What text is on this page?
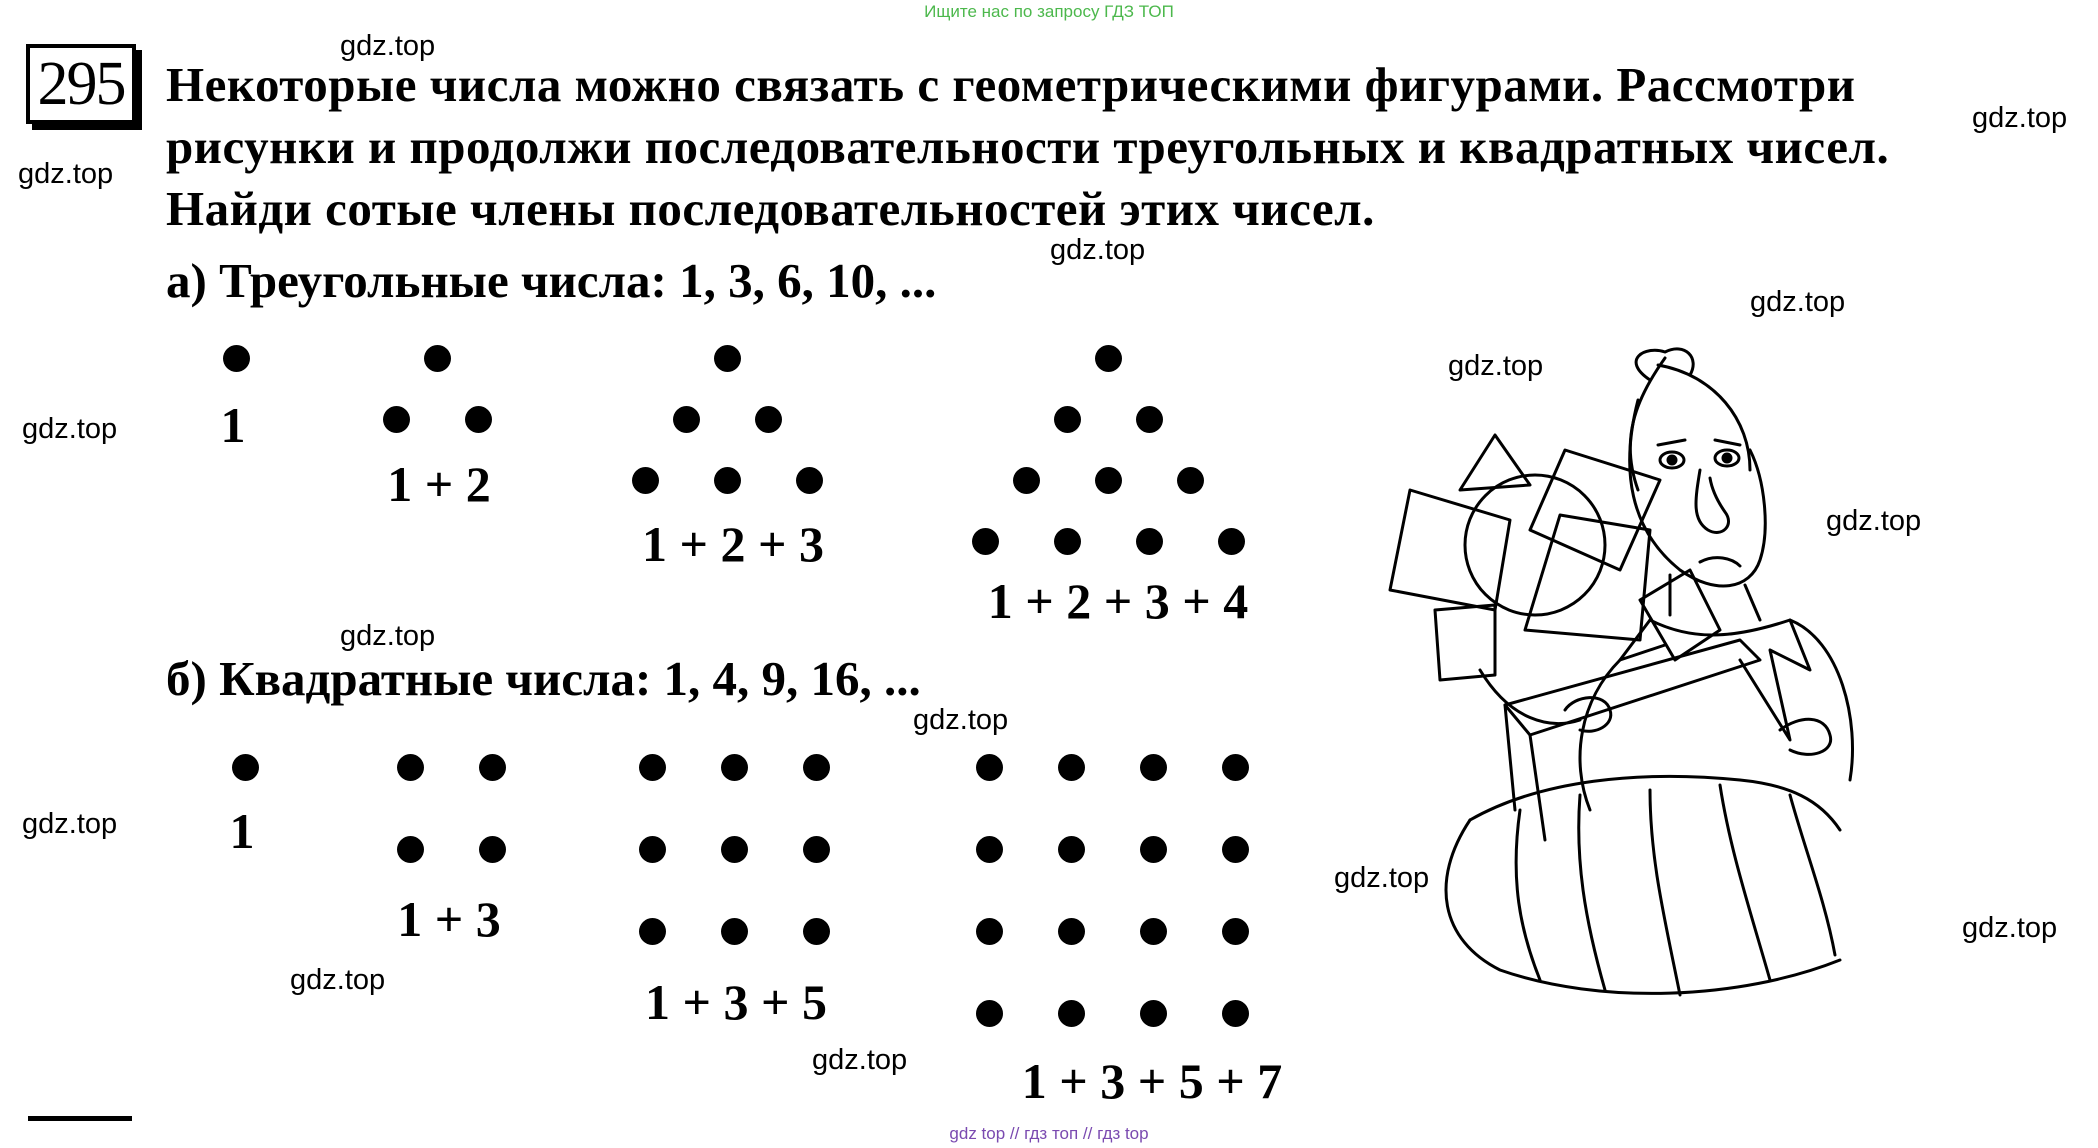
Ищите нас по запросу ГДЗ ТОП
295 Некоторые числа можно связать с геометрическими фигурами. Рассмотри рисунки и продолжи последовательности треугольных и квадратных чисел. Найди сотые члены последовательностей этих чисел.
а) Треугольные числа: 1, 3, 6, 10, ...
б) Квадратные числа: 1, 4, 9, 16, ...
1
1 + 2
1 + 2 + 3
1 + 2 + 3 + 4
1
1 + 3
1 + 3 + 5
1 + 3 + 5 + 7
gdz.top
gdz.top
gdz.top
gdz.top
gdz.top
gdz.top
gdz.top
gdz.top
gdz.top
gdz.top
gdz.top
gdz.top
gdz.top
gdz.top
gdz.top
gdz top // гдз топ // гдз top
